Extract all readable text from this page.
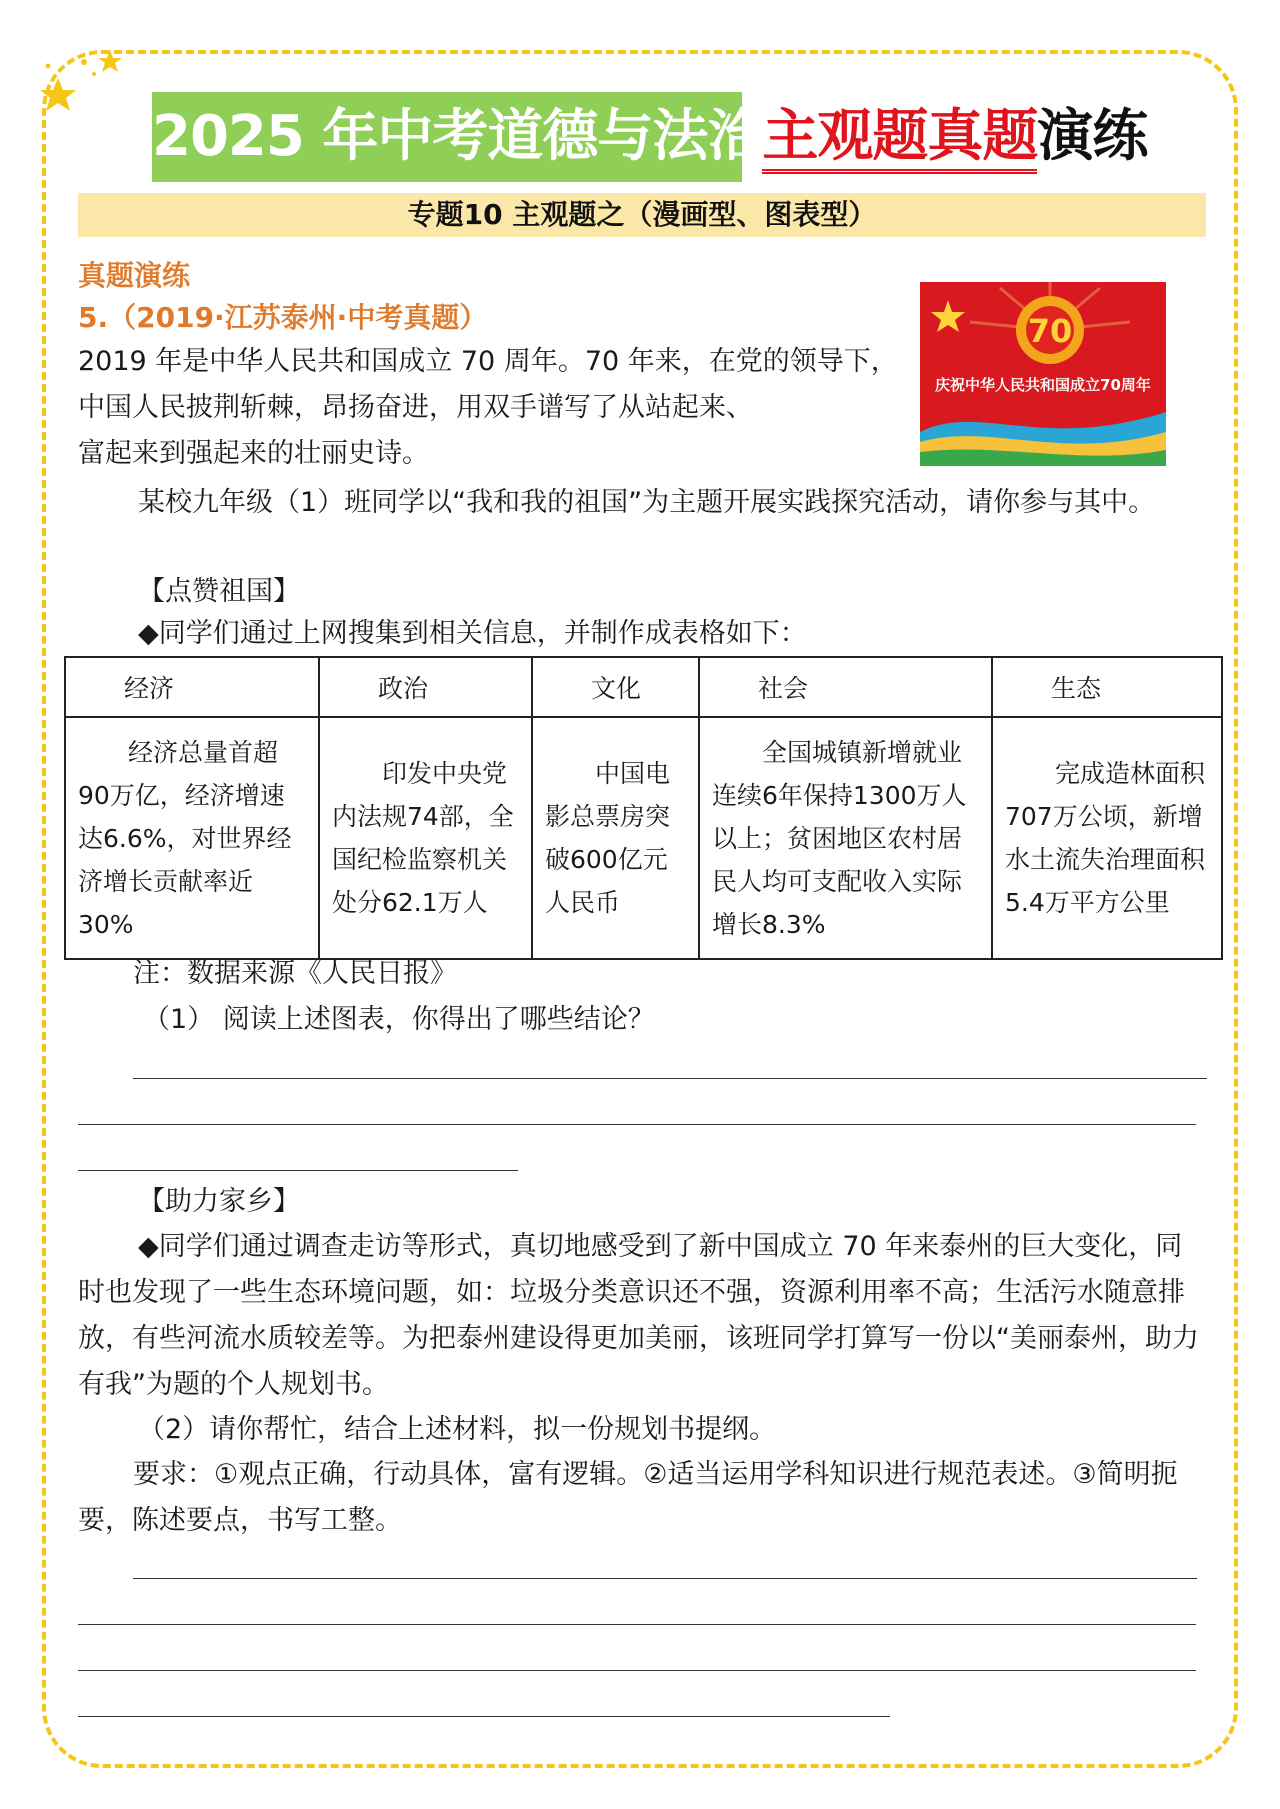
2025 年中考道德与法治主观题真题演练
专题10 主观题之（漫画型、图表型）
真题演练
5.（2019·江苏泰州·中考真题）	70
庆祝中华人民共和国成立70周年
2019 年是中华人民共和国成立 70 周年。70 年来，在党的领导下，
中国人民披荆斩棘，昂扬奋进，用双手谱写了从站起来、
富起来到强起来的壮丽史诗。
某校九年级（1）班同学以“我和我的祖国”为主题开展实践探究活动，请你参与其中。
【点赞祖国】
◆同学们通过上网搜集到相关信息，并制作成表格如下：
经济	政治	文化	社会	生态
经济总量首超90万亿，经济增速达6.6%，对世界经济增长贡献率近30%	印发中央党内法规74部，全国纪检监察机关处分62.1万人	中国电影总票房突破600亿元人民币	全国城镇新增就业连续6年保持1300万人以上；贫困地区农村居民人均可支配收入实际增长8.3%	完成造林面积707万公顷，新增水土流失治理面积5.4万平方公里
注：数据来源《人民日报》
（1） 阅读上述图表，你得出了哪些结论？
【助力家乡】
◆同学们通过调查走访等形式，真切地感受到了新中国成立 70 年来泰州的巨大变化，同时也发现了一些生态环境问题，如：垃圾分类意识还不强，资源利用率不高；生活污水随意排放，有些河流水质较差等。为把泰州建设得更加美丽，该班同学打算写一份以“美丽泰州，助力有我”为题的个人规划书。
（2）请你帮忙，结合上述材料，拟一份规划书提纲。
要求：①观点正确，行动具体，富有逻辑。②适当运用学科知识进行规范表述。③简明扼要，陈述要点，书写工整。
